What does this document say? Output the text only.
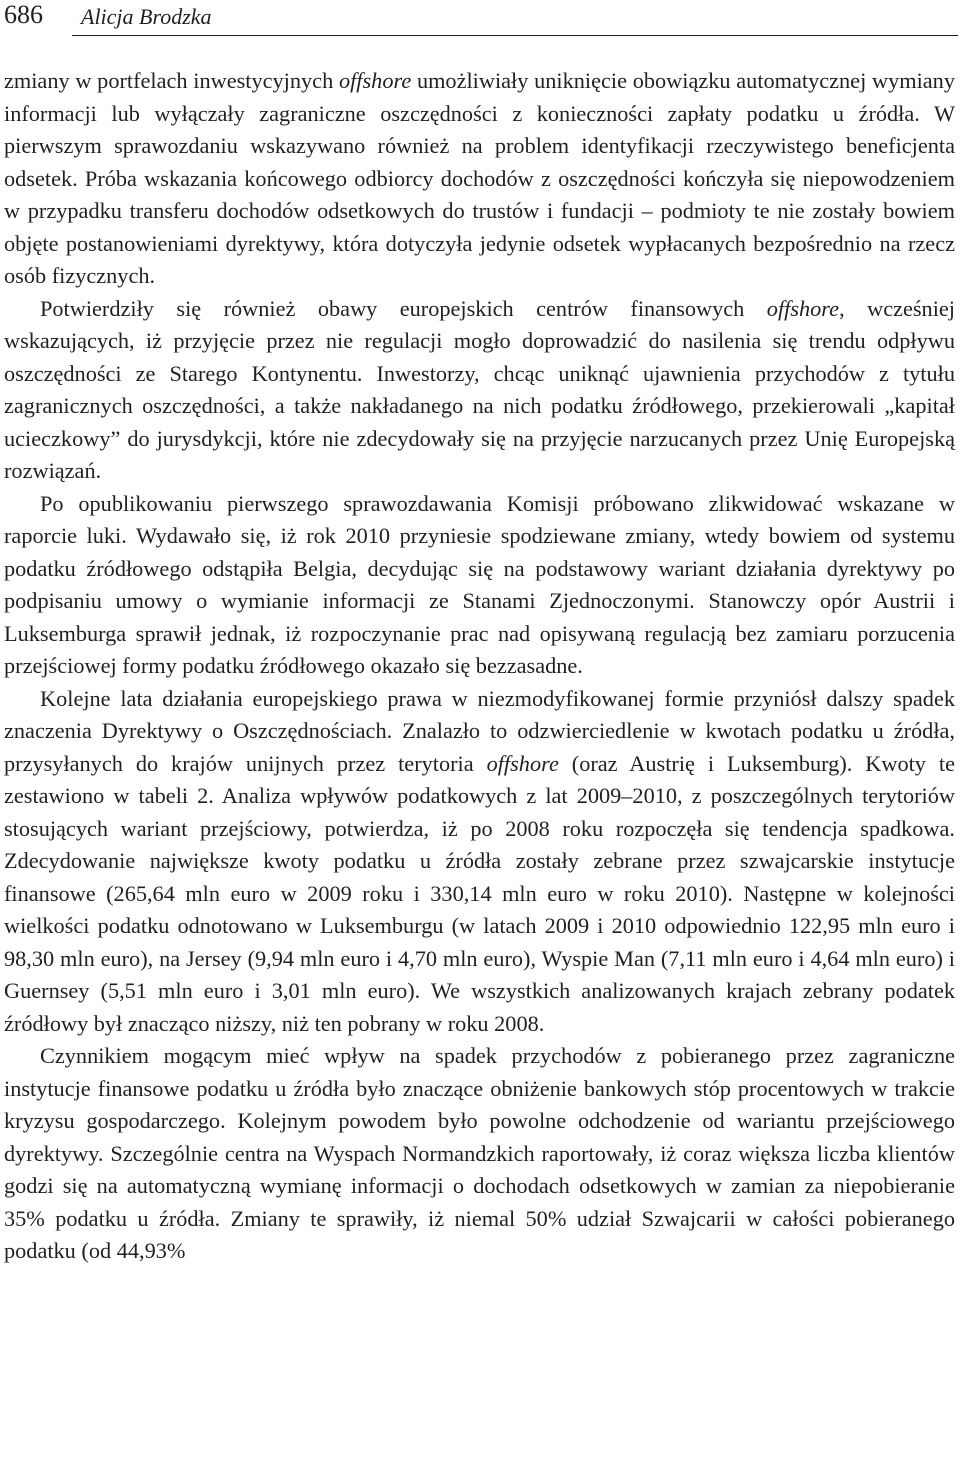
686 Alicja Brodzka

zmiany w portfelach inwestycyjnych offshore umożliwiały uniknięcie obowiązku automatycznej wymiany informacji lub wyłączały zagraniczne oszczędności z konieczności zapłaty podatku u źródła. W pierwszym sprawozdaniu wskazywano również na problem identyfikacji rzeczywistego beneficjenta odsetek. Próba wskazania końcowego odbiorcy dochodów z oszczędności kończyła się niepowodzeniem w przypadku transferu dochodów odsetkowych do trustów i fundacji – podmioty te nie zostały bowiem objęte postanowieniami dyrektywy, która dotyczyła jedynie odsetek wypłacanych bezpośrednio na rzecz osób fizycznych.

Potwierdziły się również obawy europejskich centrów finansowych offshore, wcześniej wskazujących, iż przyjęcie przez nie regulacji mogło doprowadzić do nasilenia się trendu odpływu oszczędności ze Starego Kontynentu. Inwestorzy, chcąc uniknąć ujawnienia przychodów z tytułu zagranicznych oszczędności, a także nakładanego na nich podatku źródłowego, przekierowali „kapitał ucieczkowy” do jurysdykcji, które nie zdecydowały się na przyjęcie narzucanych przez Unię Europejską rozwiązań.

Po opublikowaniu pierwszego sprawozdawania Komisji próbowano zlikwidować wskazane w raporcie luki. Wydawało się, iż rok 2010 przyniesie spodziewane zmiany, wtedy bowiem od systemu podatku źródłowego odstąpiła Belgia, decydując się na podstawowy wariant działania dyrektywy po podpisaniu umowy o wymianie informacji ze Stanami Zjednoczonymi. Stanowczy opór Austrii i Luksemburga sprawił jednak, iż rozpoczynanie prac nad opisywaną regulacją bez zamiaru porzucenia przejściowej formy podatku źródłowego okazało się bezzasadne.

Kolejne lata działania europejskiego prawa w niezmodyfikowanej formie przyniósł dalszy spadek znaczenia Dyrektywy o Oszczędnościach. Znalazło to odzwierciedlenie w kwotach podatku u źródła, przysyłanych do krajów unijnych przez terytoria offshore (oraz Austrię i Luksemburg). Kwoty te zestawiono w tabeli 2. Analiza wpływów podatkowych z lat 2009–2010, z poszczególnych terytoriów stosujących wariant przejściowy, potwierdza, iż po 2008 roku rozpoczęła się tendencja spadkowa. Zdecydowanie największe kwoty podatku u źródła zostały zebrane przez szwajcarskie instytucje finansowe (265,64 mln euro w 2009 roku i 330,14 mln euro w roku 2010). Następne w kolejności wielkości podatku odnotowano w Luksemburgu (w latach 2009 i 2010 odpowiednio 122,95 mln euro i 98,30 mln euro), na Jersey (9,94 mln euro i 4,70 mln euro), Wyspie Man (7,11 mln euro i 4,64 mln euro) i Guernsey (5,51 mln euro i 3,01 mln euro). We wszystkich analizowanych krajach zebrany podatek źródłowy był znacząco niższy, niż ten pobrany w roku 2008.

Czynnikiem mogącym mieć wpływ na spadek przychodów z pobieranego przez zagraniczne instytucje finansowe podatku u źródła było znaczące obniżenie bankowych stóp procentowych w trakcie kryzysu gospodarczego. Kolejnym powodem było powolne odchodzenie od wariantu przejściowego dyrektywy. Szczególnie centra na Wyspach Normandzkich raportowały, iż coraz większa liczba klientów godzi się na automatyczną wymianę informacji o dochodach odsetkowych w zamian za niepobieranie 35% podatku u źródła. Zmiany te sprawiły, iż niemal 50% udział Szwajcarii w całości pobieranego podatku (od 44,93%
